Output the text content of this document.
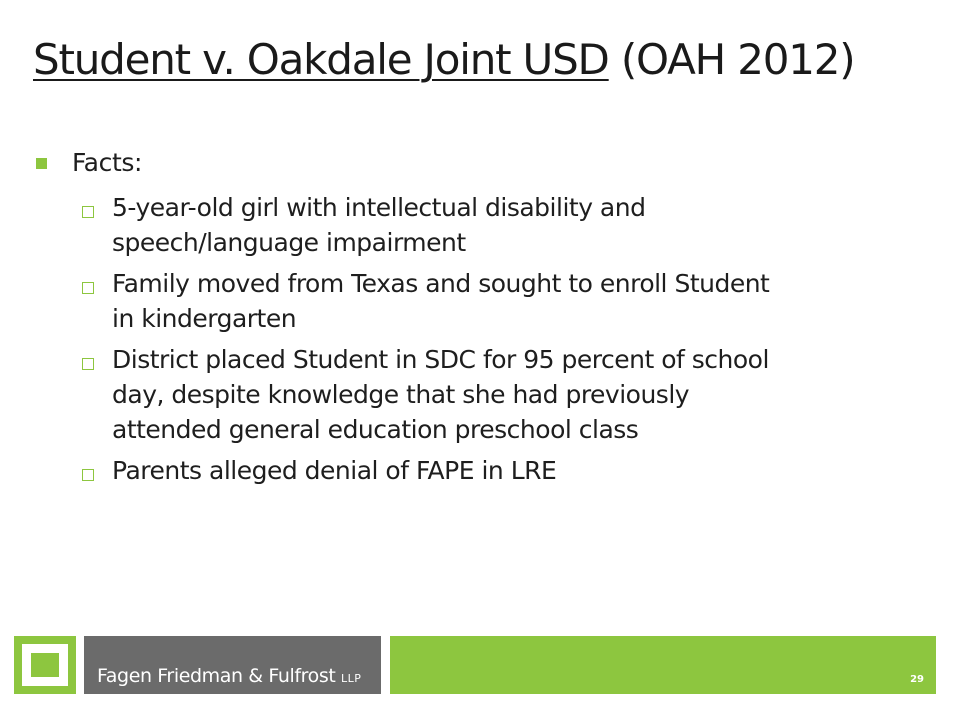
Student v. Oakdale Joint USD (OAH 2012)
Facts:
5-year-old girl with intellectual disability and
speech/language impairment
Family moved from Texas and sought to enroll Student
in kindergarten
District placed Student in SDC for 95 percent of school
day, despite knowledge that she had previously
attended general education preschool class
Parents alleged denial of FAPE in LRE
Fagen Friedman & Fulfrost LLP	29
